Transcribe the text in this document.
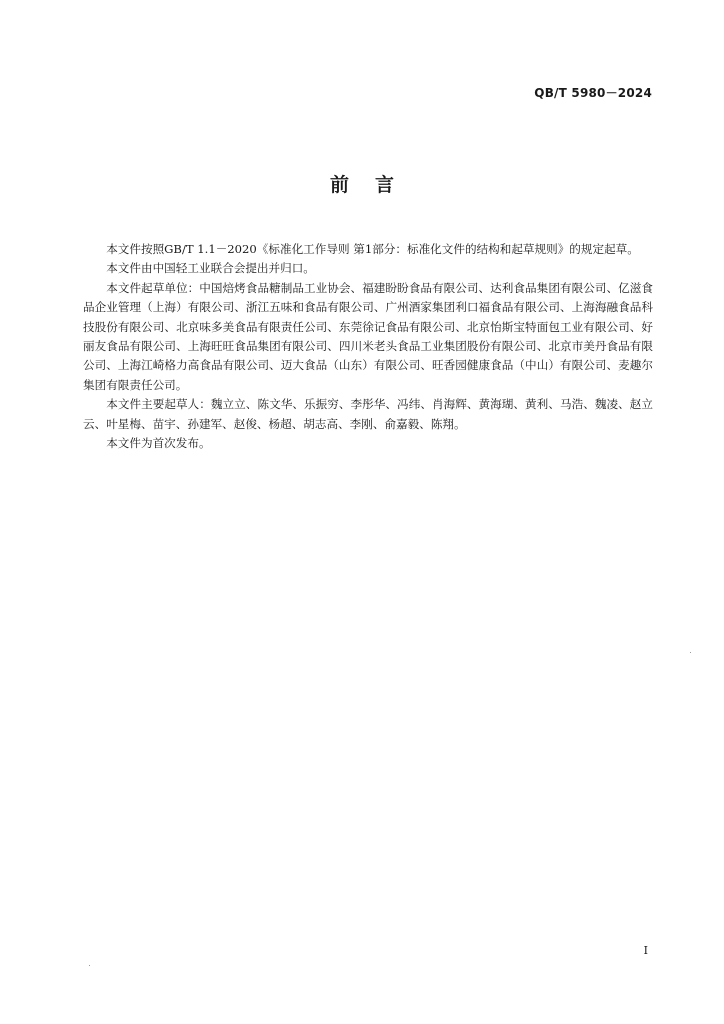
QB/T 5980－2024
前言

本文件按照GB/T 1.1－2020《标准化工作导则 第1部分：标准化文件的结构和起草规则》的规定起草。

本文件由中国轻工业联合会提出并归口。

本文件起草单位：中国焙烤食品糖制品工业协会、福建盼盼食品有限公司、达利食品集团有限公司、亿滋食品企业管理（上海）有限公司、浙江五味和食品有限公司、广州酒家集团利口福食品有限公司、上海海融食品科技股份有限公司、北京味多美食品有限责任公司、东莞徐记食品有限公司、北京怡斯宝特面包工业有限公司、好丽友食品有限公司、上海旺旺食品集团有限公司、四川米老头食品工业集团股份有限公司、北京市美丹食品有限公司、上海江崎格力高食品有限公司、迈大食品（山东）有限公司、旺香园健康食品（中山）有限公司、麦趣尔集团有限责任公司。

本文件主要起草人：魏立立、陈文华、乐振穷、李彤华、冯纬、肖海辉、黄海瑚、黄利、马浩、魏凌、赵立云、叶星梅、苗宇、孙建军、赵俊、杨超、胡志高、李刚、俞嘉毅、陈翔。

本文件为首次发布。

I
